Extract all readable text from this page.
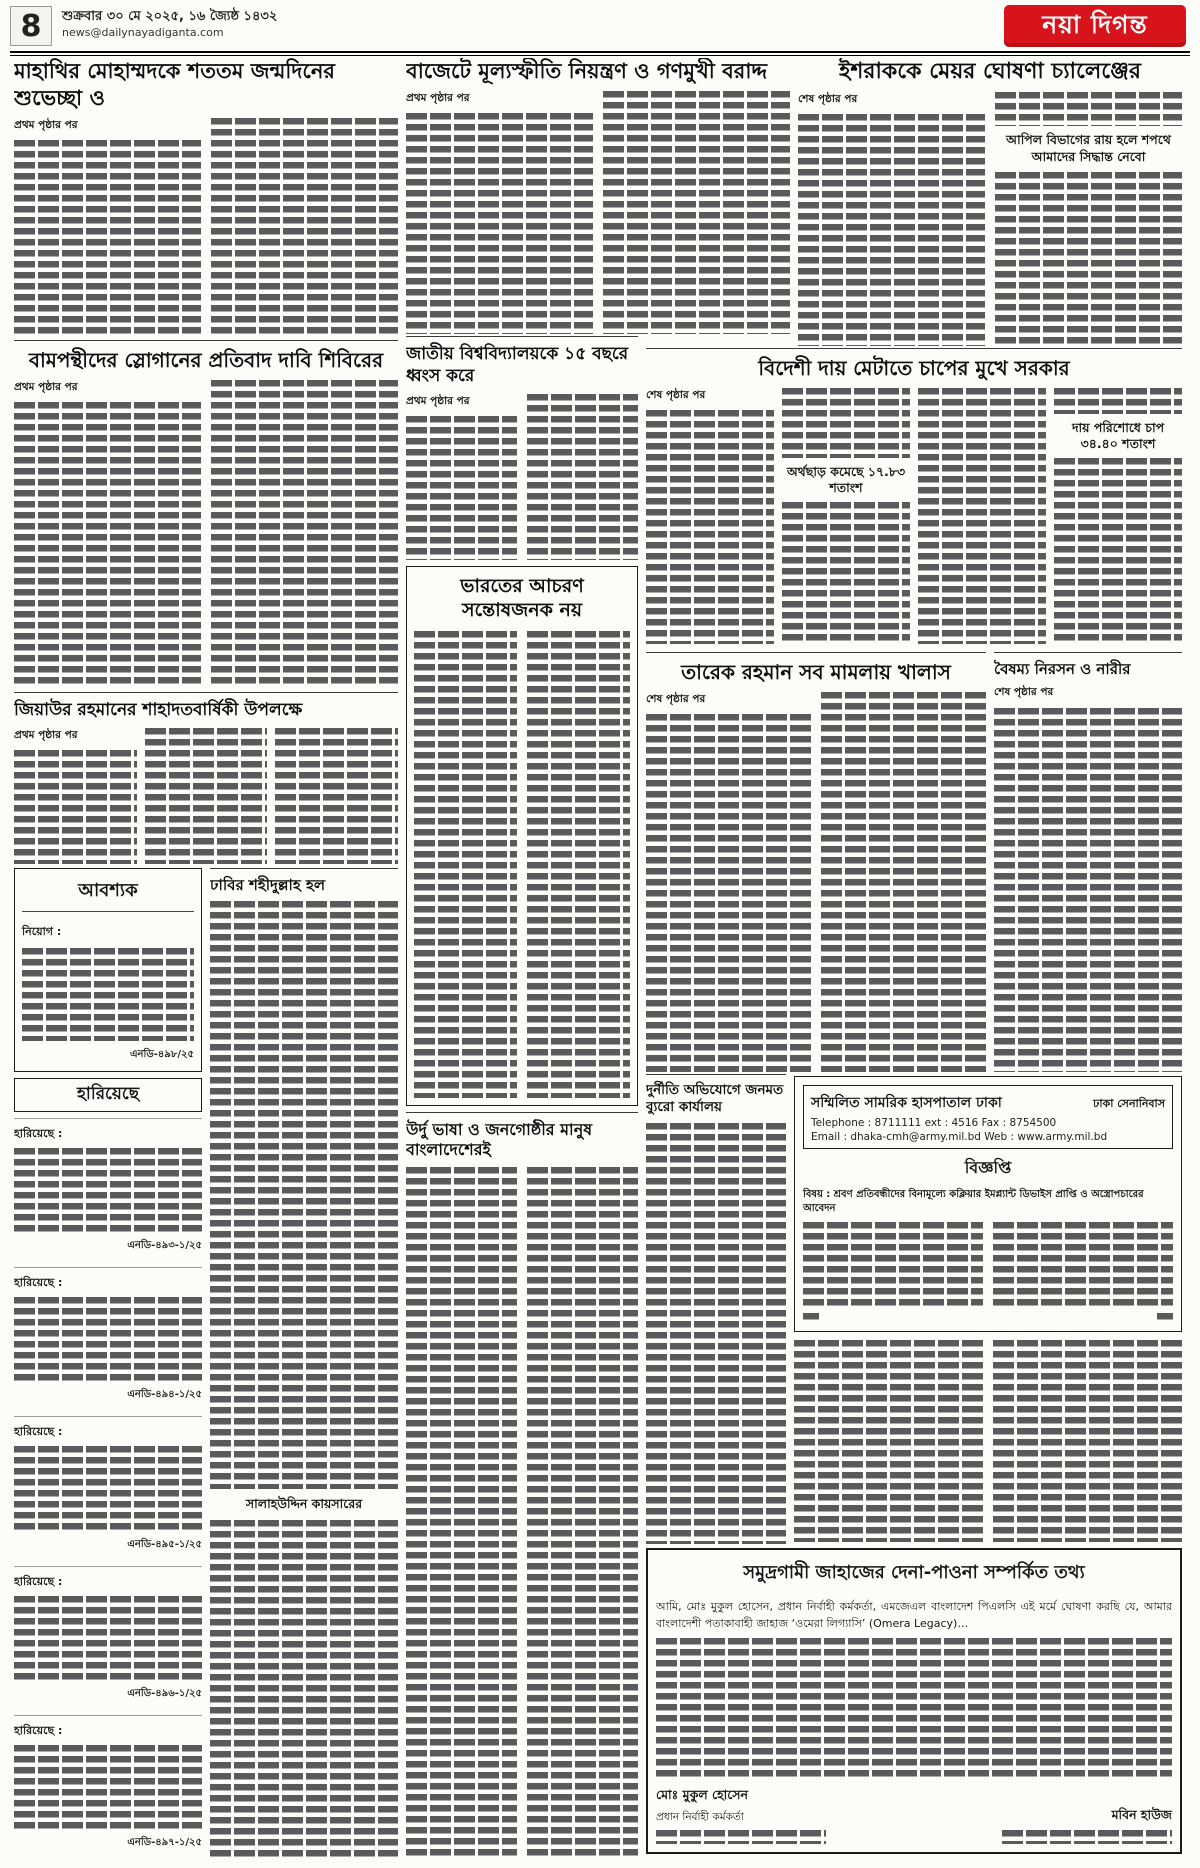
8	শুক্রবার ৩০ মে ২০২৫, ১৬ জ্যৈষ্ঠ ১৪৩২
news@dailynayadiganta.com	নয়া দিগন্ত
মাহাথির মোহাম্মদকে শততম জন্মদিনের শুভেচ্ছা ও
প্রথম পৃষ্ঠার পর
বাজেটে মূল্যস্ফীতি নিয়ন্ত্রণ ও গণমুখী বরাদ্দ
প্রথম পৃষ্ঠার পর
ইশরাককে মেয়র ঘোষণা চ্যালেঞ্জের
শেষ পৃষ্ঠার পর
আপিল বিভাগের রায় হলে শপথে আমাদের সিদ্ধান্ত নেবো
বামপন্থীদের স্লোগানের প্রতিবাদ দাবি শিবিরের
প্রথম পৃষ্ঠার পর
জিয়াউর রহমানের শাহাদতবার্ষিকী উপলক্ষে
প্রথম পৃষ্ঠার পর
আবশ্যক
নিয়োগ :
এনডি-৪৯৮/২৫
হারিয়েছে
হারিয়েছে :
এনডি-৪৯৩-১/২৫
হারিয়েছে :
এনডি-৪৯৪-১/২৫
হারিয়েছে :
এনডি-৪৯৫-১/২৫
হারিয়েছে :
এনডি-৪৯৬-১/২৫
হারিয়েছে :
এনডি-৪৯৭-১/২৫
ঢাবির শহীদুল্লাহ হল
সালাহউদ্দিন কায়সারের
জাতীয় বিশ্ববিদ্যালয়কে ১৫ বছরে ধ্বংস করে
প্রথম পৃষ্ঠার পর
ভারতের আচরণ সন্তোষজনক নয়
উর্দু ভাষা ও জনগোষ্ঠীর মানুষ বাংলাদেশেরই
বিদেশী দায় মেটাতে চাপের মুখে সরকার
শেষ পৃষ্ঠার পর
অর্থছাড় কমেছে ১৭.৮৩ শতাংশ
দায় পরিশোধে চাপ ৩৪.৪০ শতাংশ
তারেক রহমান সব মামলায় খালাস
শেষ পৃষ্ঠার পর
বৈষম্য নিরসন ও নারীর
শেষ পৃষ্ঠার পর
দুর্নীতি অভিযোগে জনমত ব্যুরো কার্যালয়	সম্মিলিত সামরিক হাসপাতাল ঢাকা	ঢাকা সেনানিবাস
Telephone : 8711111 ext : 4516 Fax : 8754500
Email : dhaka-cmh@army.mil.bd Web : www.army.mil.bd
বিজ্ঞপ্তি
বিষয় : শ্রবণ প্রতিবন্ধীদের বিনামূল্যে কক্লিয়ার ইমপ্ল্যান্ট ডিভাইস প্রাপ্তি ও অস্ত্রোপচারের আবেদন
সমুদ্রগামী জাহাজের দেনা-পাওনা সম্পর্কিত তথ্য

আমি, মোঃ মুকুল হোসেন, প্রধান নির্বাহী কর্মকর্তা, এমজেএল বাংলাদেশ পিএলসি এই মর্মে ঘোষণা করছি যে, আমার বাংলাদেশী পতাকাবাহী জাহাজ ‘ওমেরা লিগ্যাসি’ (Omera Legacy)…

মোঃ মুকুল হোসেন
প্রধান নির্বাহী কর্মকর্তা	মবিন হাউজ
